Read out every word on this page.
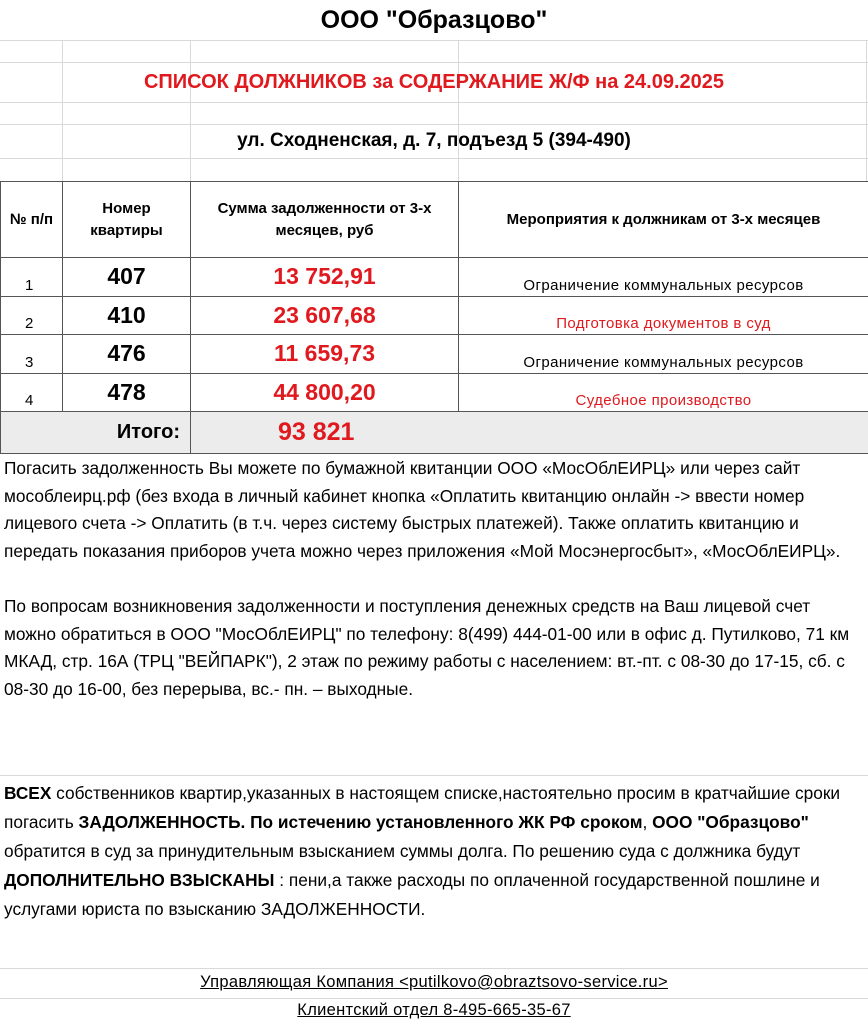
ООО "Образцово"
СПИСОК ДОЛЖНИКОВ за СОДЕРЖАНИЕ Ж/Ф на 24.09.2025
ул. Сходненская, д. 7, подъезд 5 (394-490)
№ п/п	Номер квартиры	Сумма задолженности от 3-х месяцев, руб	Мероприятия к должникам от 3-х месяцев
1	407	13 752,91	Ограничение коммунальных ресурсов
2	410	23 607,68	Подготовка документов в суд
3	476	11 659,73	Ограничение коммунальных ресурсов
4	478	44 800,20	Судебное производство
Итого:		93 821	
Погасить задолженность Вы можете по бумажной квитанции ООО «МосОблЕИРЦ» или через сайт мособлеирц.рф (без входа в личный кабинет кнопка «Оплатить квитанцию онлайн -> ввести номер лицевого счета -> Оплатить (в т.ч. через систему быстрых платежей). Также оплатить квитанцию и передать показания приборов учета можно через приложения «Мой Мосэнергосбыт», «МосОблЕИРЦ».
По вопросам возникновения задолженности и поступления денежных средств на Ваш лицевой счет можно обратиться в ООО "МосОблЕИРЦ" по телефону: 8(499) 444-01-00 или в офис д. Путилково, 71 км МКАД, стр. 16А (ТРЦ "ВЕЙПАРК"), 2 этаж по режиму работы с населением: вт.-пт. с 08-30 до 17-15, сб. с 08-30 до 16-00, без перерыва, вс.- пн. – выходные.
ВСЕХ собственников квартир,указанных в настоящем списке,настоятельно просим в кратчайшие сроки погасить ЗАДОЛЖЕННОСТЬ. По истечению установленного ЖК РФ сроком, ООО "Образцово" обратится в суд за принудительным взысканием суммы долга. По решению суда с должника будут ДОПОЛНИТЕЛЬНО ВЗЫСКАНЫ : пени,а также расходы по оплаченной государственной пошлине и услугами юриста по взысканию ЗАДОЛЖЕННОСТИ.
Управляющая Компания <putilkovo@obraztsovo-service.ru>
Клиентский отдел 8-495-665-35-67
